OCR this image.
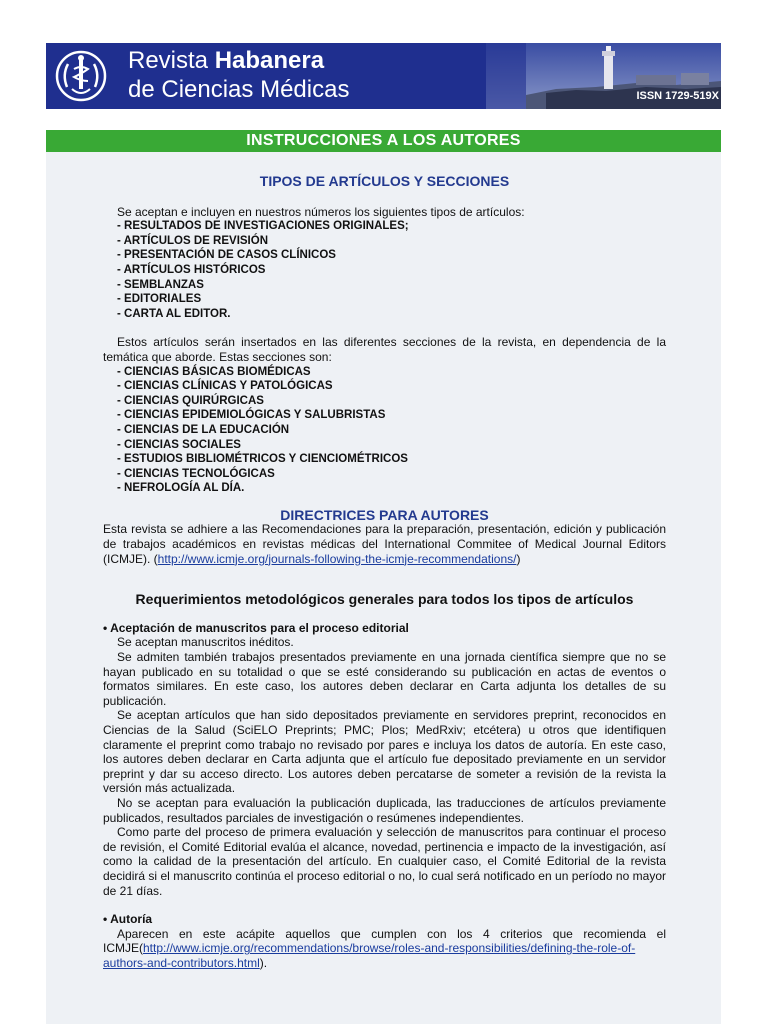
Revista Habanera
de Ciencias Médicas	ISSN 1729-519X
INSTRUCCIONES A LOS AUTORES
TIPOS DE ARTÍCULOS Y SECCIONES

Se aceptan e incluyen en nuestros números los siguientes tipos de artículos:

- RESULTADOS DE INVESTIGACIONES ORIGINALES;
- ARTÍCULOS DE REVISIÓN
- PRESENTACIÓN DE CASOS CLÍNICOS
- ARTÍCULOS HISTÓRICOS
- SEMBLANZAS
- EDITORIALES
- CARTA AL EDITOR.

Estos artículos serán insertados en las diferentes secciones de la revista, en dependencia de la temática que aborde. Estas secciones son:

- CIENCIAS BÁSICAS BIOMÉDICAS
- CIENCIAS CLÍNICAS Y PATOLÓGICAS
- CIENCIAS QUIRÚRGICAS
- CIENCIAS EPIDEMIOLÓGICAS Y SALUBRISTAS
- CIENCIAS DE LA EDUCACIÓN
- CIENCIAS SOCIALES
- ESTUDIOS BIBLIOMÉTRICOS Y CIENCIOMÉTRICOS
- CIENCIAS TECNOLÓGICAS
- NEFROLOGÍA AL DÍA.
DIRECTRICES PARA AUTORES

Esta revista se adhiere a las Recomendaciones para la preparación, presentación, edición y publicación de trabajos académicos en revistas médicas del International Commitee of Medical Journal Editors (ICMJE). (http://www.icmje.org/journals-following-the-icmje-recommendations/)

Requerimientos metodológicos generales para todos los tipos de artículos

• Aceptación de manuscritos para el proceso editorial

Se aceptan manuscritos inéditos.

Se admiten también trabajos presentados previamente en una jornada científica siempre que no se hayan publicado en su totalidad o que se esté considerando su publicación en actas de eventos o formatos similares. En este caso, los autores deben declarar en Carta adjunta los detalles de su publicación.

Se aceptan artículos que han sido depositados previamente en servidores preprint, reconocidos en Ciencias de la Salud (SciELO Preprints; PMC; Plos; MedRxiv; etcétera) u otros que identifiquen claramente el preprint como trabajo no revisado por pares e incluya los datos de autoría. En este caso, los autores deben declarar en Carta adjunta que el artículo fue depositado previamente en un servidor preprint y dar su acceso directo. Los autores deben percatarse de someter a revisión de la revista la versión más actualizada.

No se aceptan para evaluación la publicación duplicada, las traducciones de artículos previamente publicados, resultados parciales de investigación o resúmenes independientes.

Como parte del proceso de primera evaluación y selección de manuscritos para continuar el proceso de revisión, el Comité Editorial evalúa el alcance, novedad, pertinencia e impacto de la investigación, así como la calidad de la presentación del artículo. En cualquier caso, el Comité Editorial de la revista decidirá si el manuscrito continúa el proceso editorial o no, lo cual será notificado en un período no mayor de 21 días.

• Autoría

Aparecen en este acápite aquellos que cumplen con los 4 criterios que recomienda el ICMJE(http://www.icmje.org/recommendations/browse/roles-and-responsibilities/defining-the-role-of-authors-and-contributors.html).
